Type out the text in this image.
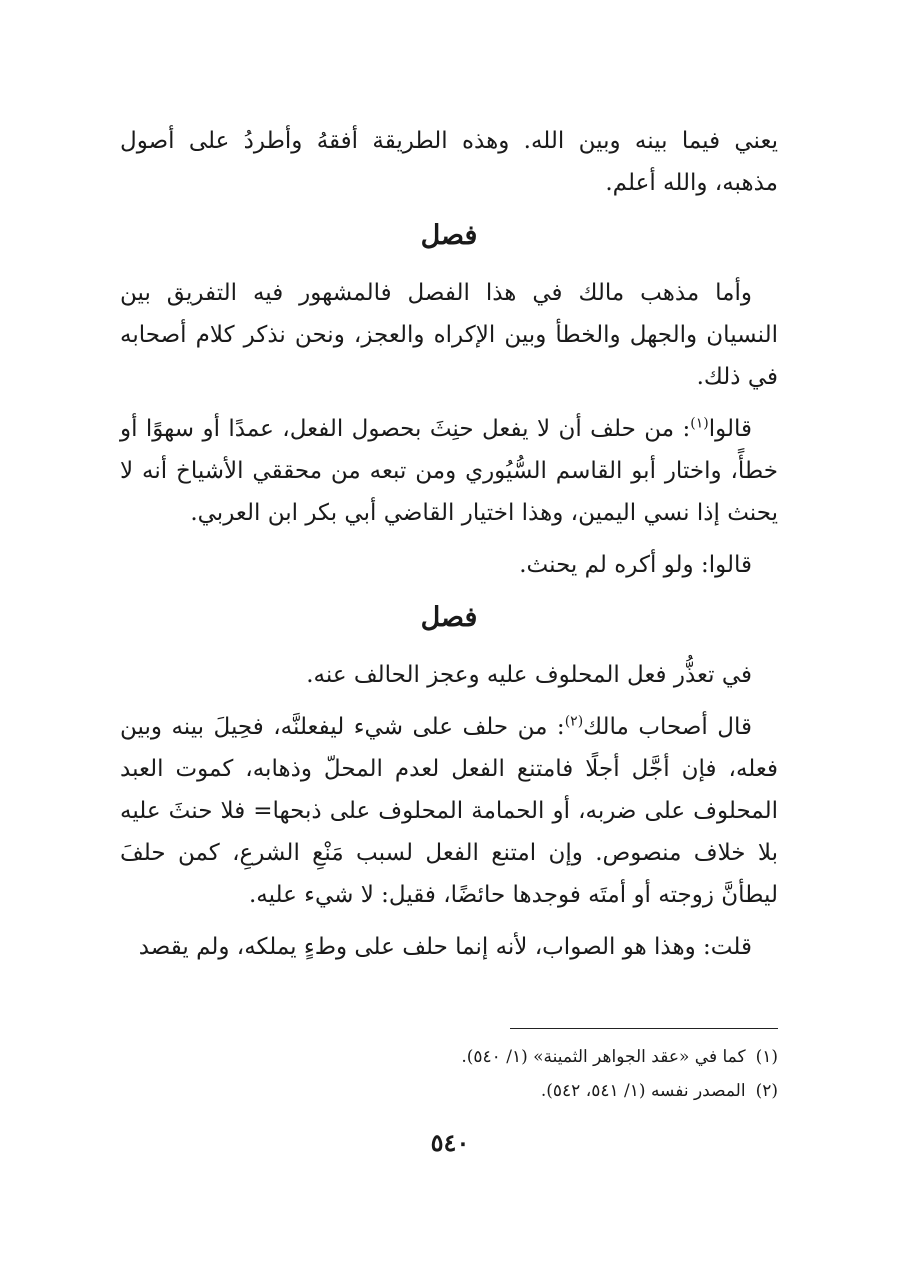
يعني فيما بينه وبين الله. وهذه الطريقة أفقهُ وأطردُ على أصول مذهبه، والله أعلم.

فصل

وأما مذهب مالك في هذا الفصل فالمشهور فيه التفريق بين النسيان والجهل والخطأ وبين الإكراه والعجز، ونحن نذكر كلام أصحابه في ذلك.

قالوا$^{(١)}$: من حلف أن لا يفعل حنِثَ بحصول الفعل، عمدًا أو سهوًا أو خطأً، واختار أبو القاسم السُّيُوري ومن تبعه من محققي الأشياخ أنه لا يحنث إذا نسي اليمين، وهذا اختيار القاضي أبي بكر ابن العربي.

قالوا: ولو أكره لم يحنث.

فصل

في تعذُّر فعل المحلوف عليه وعجز الحالف عنه.

قال أصحاب مالك$^{(٢)}$: من حلف على شيء ليفعلنَّه، فحِيلَ بينه وبين فعله، فإن أجَّل أجلًا فامتنع الفعل لعدم المحلّ وذهابه، كموت العبد المحلوف على ضربه، أو الحمامة المحلوف على ذبحها= فلا حنثَ عليه بلا خلاف منصوص. وإن امتنع الفعل لسبب مَنْعِ الشرعِ، كمن حلفَ ليطأنَّ زوجته أو أمتَه فوجدها حائضًا، فقيل: لا شيء عليه.

قلت: وهذا هو الصواب، لأنه إنما حلف على وطءٍ يملكه، ولم يقصد

(١)كما في «عقد الجواهر الثمينة» (١/ ٥٤٠).

(٢)المصدر نفسه (١/ ٥٤١، ٥٤٢).

٥٤٠
